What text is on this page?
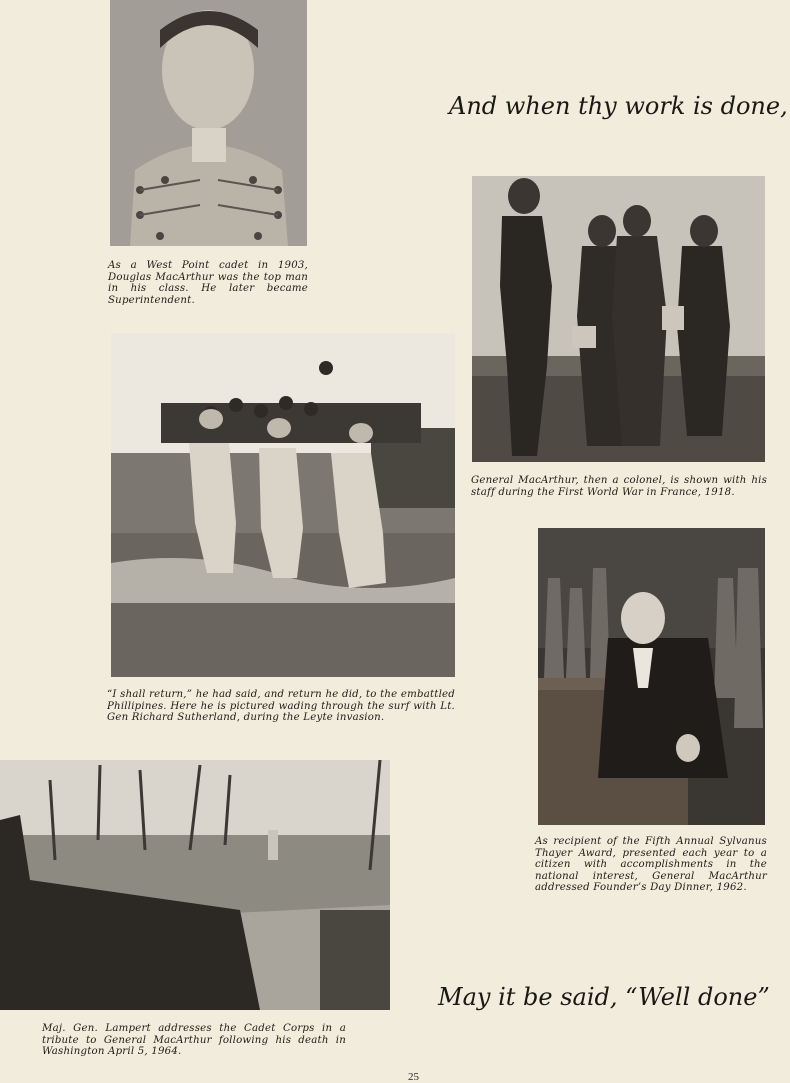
And when thy work is done,

As a West Point cadet in 1903, Douglas MacArthur was the top man in his class. He later became Superintendent.

General MacArthur, then a colonel, is shown with his staff during the First World War in France, 1918.

“I shall return,” he had said, and return he did, to the embattled Phillipines. Here he is pictured wading through the surf with Lt. Gen Richard Sutherland, during the Leyte invasion.

As recipient of the Fifth Annual Sylvanus Thayer Award, presented each year to a citizen with accomplishments in the national interest, General MacArthur addressed Founder’s Day Dinner, 1962.

Maj. Gen. Lampert addresses the Cadet Corps in a tribute to General MacArthur following his death in Washington April 5, 1964.

May it be said, “Well done”

25
